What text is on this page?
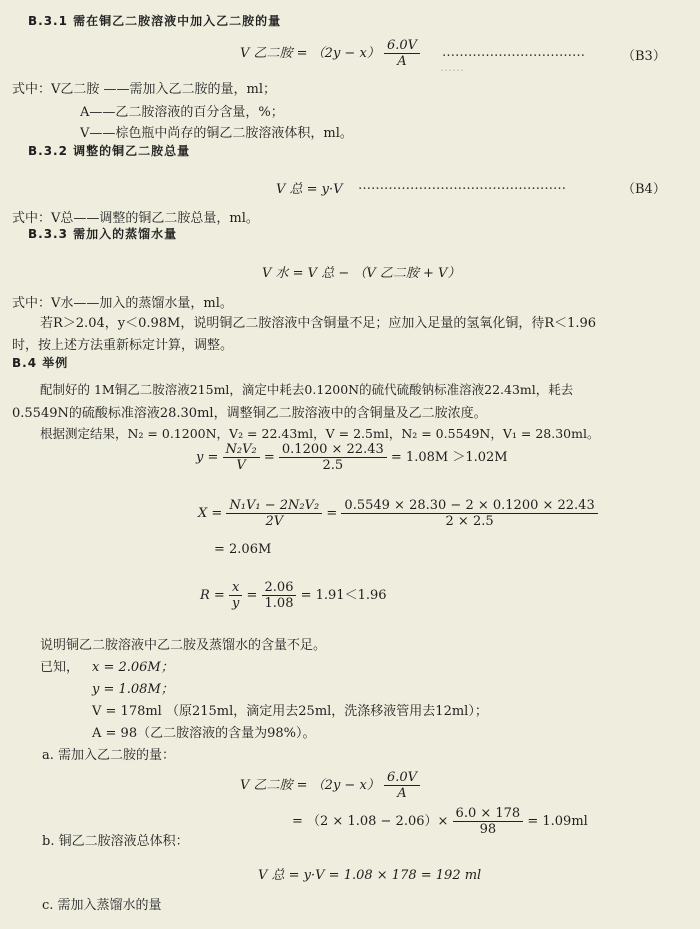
……
B.3.1 需在铜乙二胺溶液中加入乙二胺的量
V 乙二胺 = $(2y - x) \frac{6.0V}{A}$ ……………………………	（B3）
式中：V乙二胺 ——需加入乙二胺的量，ml；
A——乙二胺溶液的百分含量，%；
V——棕色瓶中尚存的铜乙二胺溶液体积，ml。
B.3.2 调整的铜乙二胺总量
V 总 = y·V …………………………………………	（B4）
式中：V总——调整的铜乙二胺总量，ml。
B.3.3 需加入的蒸馏水量
V 水 = V 总 − （V 乙二胺 + V）
式中：V水——加入的蒸馏水量，ml。
若R＞2.04，y＜0.98M，说明铜乙二胺溶液中含铜量不足；应加入足量的氢氧化铜，待R＜1.96
时，按上述方法重新标定计算，调整。
B.4 举例
配制好的 1M铜乙二胺溶液215ml，滴定中耗去0.1200N的硫代硫酸钠标准溶液22.43ml，耗去
0.5549N的硫酸标准溶液28.30ml，调整铜乙二胺溶液中的含铜量及乙二胺浓度。
根据测定结果，N₂ = 0.1200N，V₂ = 22.43ml，V = 2.5ml，N₂ = 0.5549N，V₁ = 28.30ml。
$y = \frac{\text{N₂V₂}}{V} = \frac{0.1200 \times 22.43}{2.5} = 1.08M >1.02M$
$X = \frac{\text{N₁V₁ − 2N₂V₂}}{2V} = \frac{0.5549 \times 28.30 - 2 \times 0.1200 \times 22.43}{2 \times 2.5}$
= 2.06M
$R = \frac{x}{y} = \frac{2.06}{1.08} = 1.91<1.96$
说明铜乙二胺溶液中乙二胺及蒸馏水的含量不足。
已知， x = 2.06M；
y = 1.08M；
V = 178ml （原215ml，滴定用去25ml，洗涤移液管用去12ml）；
A = 98（乙二胺溶液的含量为98%）。
a. 需加入乙二胺的量：
V 乙二胺 = $(2y - x) \frac{6.0V}{A}$
= $(2 \times 1.08 - 2.06)\times \frac{6.0 \times 178}{98} = 1.09ml$
b. 铜乙二胺溶液总体积：
V 总 = y·V = 1.08 × 178 = 192 ml
c. 需加入蒸馏水的量
